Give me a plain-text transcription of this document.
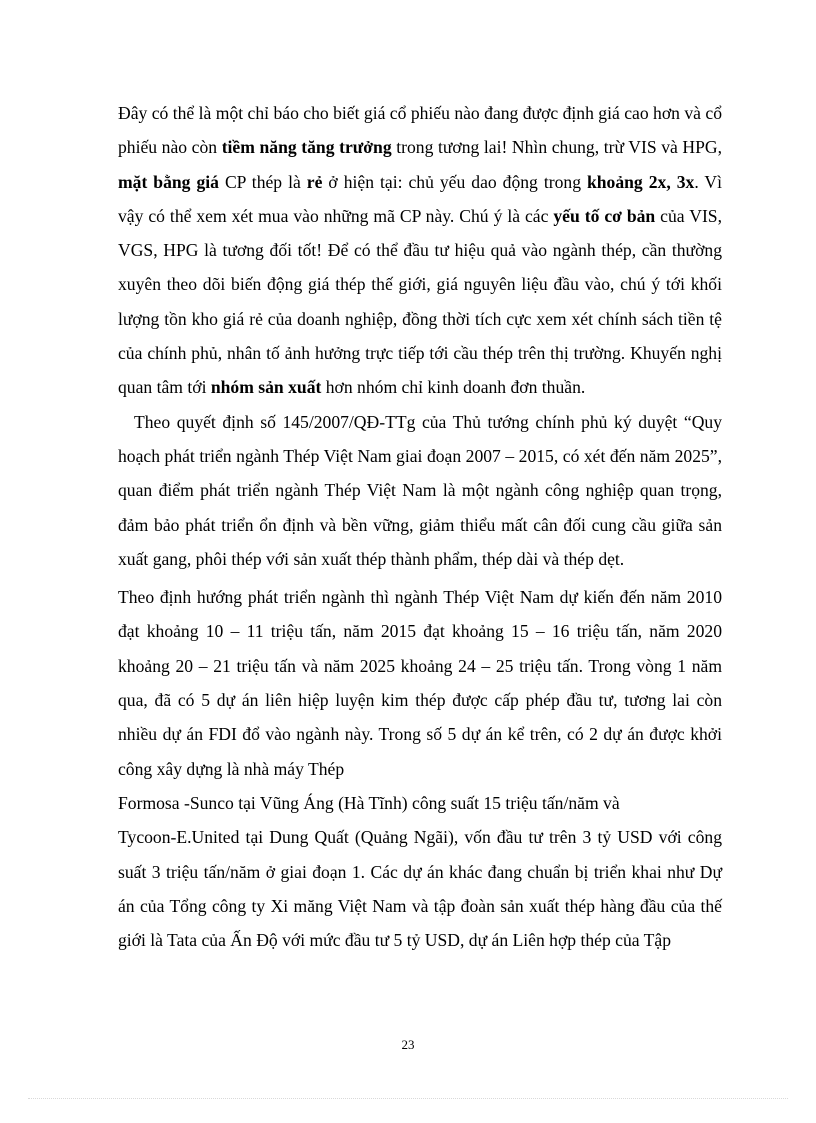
Đây có thể là một chỉ báo cho biết giá cổ phiếu nào đang được định giá cao hơn và cổ phiếu nào còn tiềm năng tăng trưởng trong tương lai! Nhìn chung, trừ VIS và HPG, mặt bằng giá CP thép là rẻ ở hiện tại: chủ yếu dao động trong khoảng 2x, 3x. Vì vậy có thể xem xét mua vào những mã CP này. Chú ý là các yếu tố cơ bản của VIS, VGS, HPG là tương đối tốt! Để có thể đầu tư hiệu quả vào ngành thép, cần thường xuyên theo dõi biến động giá thép thế giới, giá nguyên liệu đầu vào, chú ý tới khối lượng tồn kho giá rẻ của doanh nghiệp, đồng thời tích cực xem xét chính sách tiền tệ của chính phủ, nhân tố ảnh hưởng trực tiếp tới cầu thép trên thị trường. Khuyến nghị quan tâm tới nhóm sản xuất hơn nhóm chỉ kinh doanh đơn thuần.

Theo quyết định số 145/2007/QĐ-TTg của Thủ tướng chính phủ ký duyệt “Quy hoạch phát triển ngành Thép Việt Nam giai đoạn 2007 – 2015, có xét đến năm 2025”, quan điểm phát triển ngành Thép Việt Nam là một ngành công nghiệp quan trọng, đảm bảo phát triển ổn định và bền vững, giảm thiểu mất cân đối cung cầu giữa sản xuất gang, phôi thép với sản xuất thép thành phẩm, thép dài và thép dẹt.

Theo định hướng phát triển ngành thì ngành Thép Việt Nam dự kiến đến năm 2010 đạt khoảng 10 – 11 triệu tấn, năm 2015 đạt khoảng 15 – 16 triệu tấn, năm 2020 khoảng 20 – 21 triệu tấn và năm 2025 khoảng 24 – 25 triệu tấn. Trong vòng 1 năm qua, đã có 5 dự án liên hiệp luyện kim thép được cấp phép đầu tư, tương lai còn nhiều dự án FDI đổ vào ngành này. Trong số 5 dự án kể trên, có 2 dự án được khởi công xây dựng là nhà máy Thép

Formosa -Sunco tại Vũng Áng (Hà Tĩnh) công suất 15 triệu tấn/năm và

Tycoon-E.United tại Dung Quất (Quảng Ngãi), vốn đầu tư trên 3 tỷ USD với công suất 3 triệu tấn/năm ở giai đoạn 1. Các dự án khác đang chuẩn bị triển khai như Dự án của Tổng công ty Xi măng Việt Nam và tập đoàn sản xuất thép hàng đầu của thế giới là Tata của Ấn Độ với mức đầu tư 5 tỷ USD, dự án Liên hợp thép của Tập

23
